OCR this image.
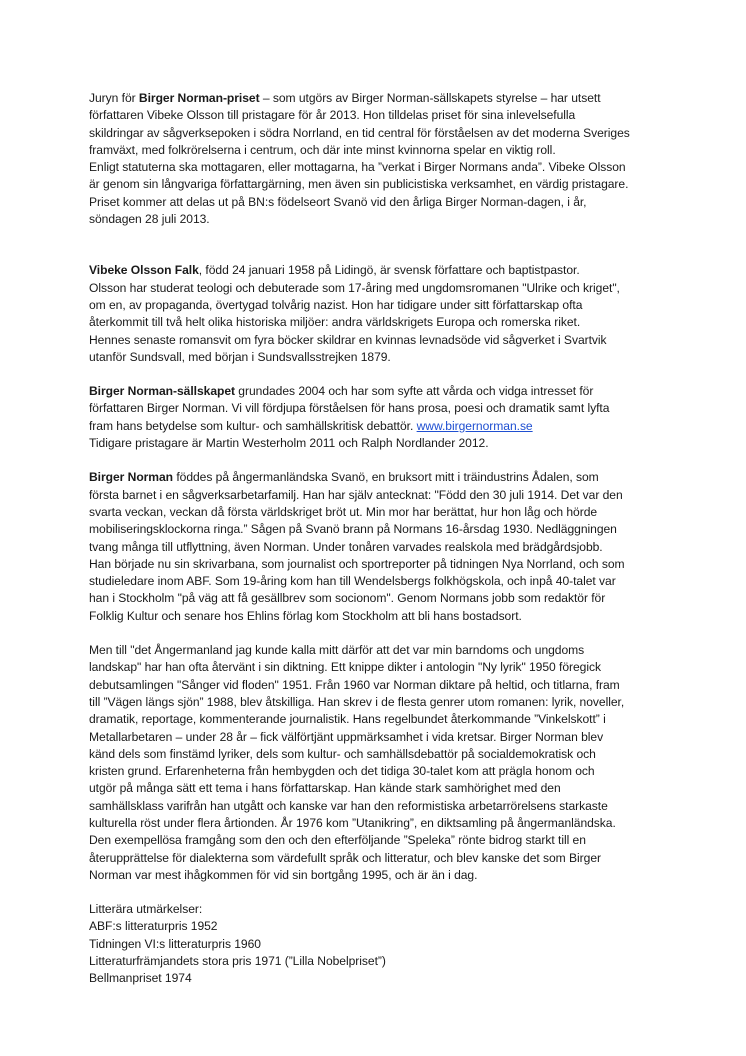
Juryn för Birger Norman-priset – som utgörs av Birger Norman-sällskapets styrelse – har utsett
författaren Vibeke Olsson till pristagare för år 2013. Hon tilldelas priset för sina inlevelsefulla
skildringar av sågverksepoken i södra Norrland, en tid central för förståelsen av det moderna Sveriges
framväxt, med folkrörelserna i centrum, och där inte minst kvinnorna spelar en viktig roll.
Enligt statuterna ska mottagaren, eller mottagarna, ha ”verkat i Birger Normans anda”. Vibeke Olsson
är genom sin långvariga författargärning, men även sin publicistiska verksamhet, en värdig pristagare.
Priset kommer att delas ut på BN:s födelseort Svanö vid den årliga Birger Norman-dagen, i år,
söndagen 28 juli 2013.

Vibeke Olsson Falk, född 24 januari 1958 på Lidingö, är svensk författare och baptistpastor.
Olsson har studerat teologi och debuterade som 17-åring med ungdomsromanen "Ulrike och kriget",
om en, av propaganda, övertygad tolvårig nazist. Hon har tidigare under sitt författarskap ofta
återkommit till två helt olika historiska miljöer: andra världskrigets Europa och romerska riket.
Hennes senaste romansvit om fyra böcker skildrar en kvinnas levnadsöde vid sågverket i Svartvik
utanför Sundsvall, med början i Sundsvallsstrejken 1879.

Birger Norman-sällskapet grundades 2004 och har som syfte att vårda och vidga intresset för
författaren Birger Norman. Vi vill fördjupa förståelsen för hans prosa, poesi och dramatik samt lyfta
fram hans betydelse som kultur- och samhällskritisk debattör. www.birgernorman.se
Tidigare pristagare är Martin Westerholm 2011 och Ralph Nordlander 2012.

Birger Norman föddes på ångermanländska Svanö, en bruksort mitt i träindustrins Ådalen, som
första barnet i en sågverksarbetarfamilj. Han har själv antecknat: "Född den 30 juli 1914. Det var den
svarta veckan, veckan då första världskriget bröt ut. Min mor har berättat, hur hon låg och hörde
mobiliseringsklockorna ringa.” Sågen på Svanö brann på Normans 16-årsdag 1930. Nedläggningen
tvang många till utflyttning, även Norman. Under tonåren varvades realskola med brädgårdsjobb.
Han började nu sin skrivarbana, som journalist och sportreporter på tidningen Nya Norrland, och som
studieledare inom ABF. Som 19-åring kom han till Wendelsbergs folkhögskola, och inpå 40-talet var
han i Stockholm "på väg att få gesällbrev som socionom". Genom Normans jobb som redaktör för
Folklig Kultur och senare hos Ehlins förlag kom Stockholm att bli hans bostadsort.

Men till "det Ångermanland jag kunde kalla mitt därför att det var min barndoms och ungdoms
landskap" har han ofta återvänt i sin diktning. Ett knippe dikter i antologin "Ny lyrik" 1950 föregick
debutsamlingen "Sånger vid floden" 1951. Från 1960 var Norman diktare på heltid, och titlarna, fram
till ”Vägen längs sjön” 1988, blev åtskilliga. Han skrev i de flesta genrer utom romanen: lyrik, noveller,
dramatik, reportage, kommenterande journalistik. Hans regelbundet återkommande ”Vinkelskott” i
Metallarbetaren – under 28 år – fick välförtjänt uppmärksamhet i vida kretsar. Birger Norman blev
känd dels som finstämd lyriker, dels som kultur- och samhällsdebattör på socialdemokratisk och
kristen grund. Erfarenheterna från hembygden och det tidiga 30-talet kom att prägla honom och
utgör på många sätt ett tema i hans författarskap. Han kände stark samhörighet med den
samhällsklass varifrån han utgått och kanske var han den reformistiska arbetarrörelsens starkaste
kulturella röst under flera årtionden. År 1976 kom ”Utanikring”, en diktsamling på ångermanländska.
Den exempellösa framgång som den och den efterföljande ”Speleka” rönte bidrog starkt till en
återupprättelse för dialekterna som värdefullt språk och litteratur, och blev kanske det som Birger
Norman var mest ihågkommen för vid sin bortgång 1995, och är än i dag.

Litterära utmärkelser:
ABF:s litteraturpris 1952
Tidningen VI:s litteraturpris 1960
Litteraturfrämjandets stora pris 1971 (”Lilla Nobelpriset”)
Bellmanpriset 1974
